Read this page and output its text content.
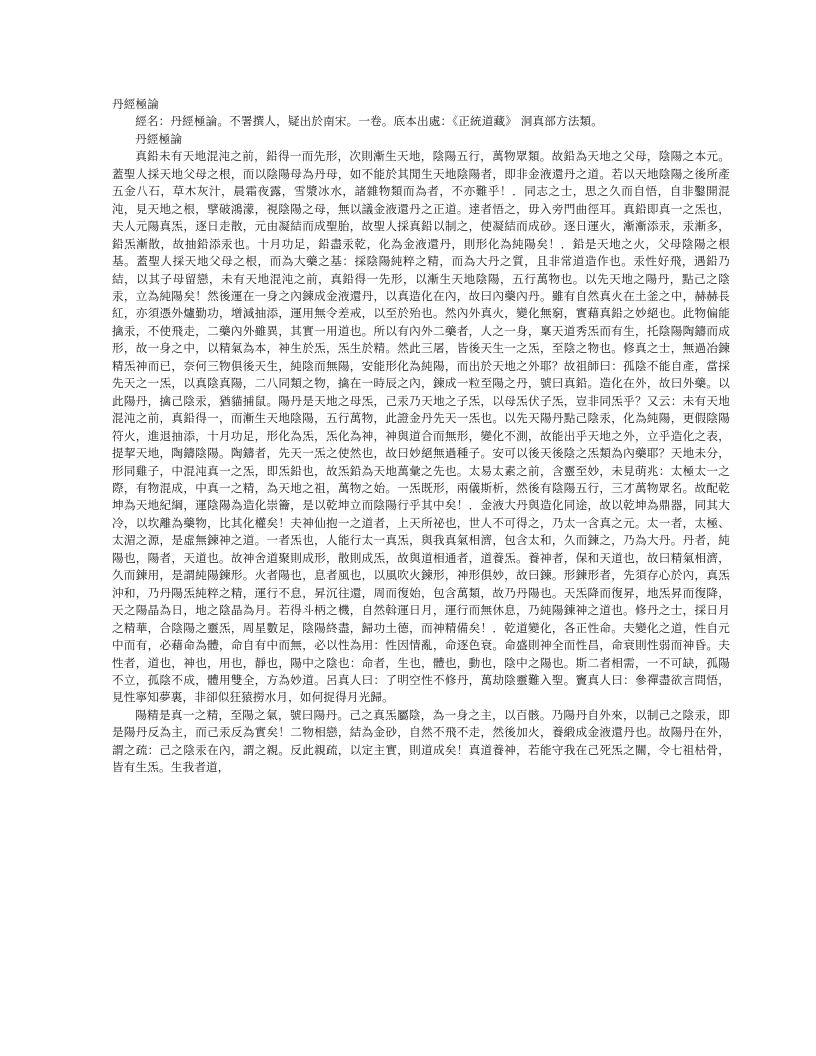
丹經極論

經名：丹經極論。不署撰人，疑出於南宋。一卷。底本出處：《正統道藏》 洞真部方法類。

丹經極論

真鉛未有天地混沌之前，鉛得一而先形，次則漸生天地，陰陽五行，萬物眾類。故鉛為天地之父母，陰陽之本元。蓋聖人採天地父母之根，而以陰陽母為丹母，如不能於其閒生天地陰陽者，即非金液還丹之道。若以天地陰陽之後所產五金八石，草木灰汁，晨霜夜露，雪漿冰水，諸雜物類而為者，不亦難乎！．同志之士，思之久而自悟，自非鑿開混沌，見天地之根，擘破鴻濛，視陰陽之母，無以議金液還丹之正道。達者悟之，毋入旁門曲徑耳。真鉛即真一之炁也，夫人元陽真炁，逐日走散，元由凝結而成聖胎，故聖人採真鉛以制之，使凝結而成砂。逐日運火，漸漸添汞，汞漸多，鉛炁漸散，故抽鉛添汞也。十月功足，鉛盡汞乾，化為金液還丹，則形化為純陽矣！．鉛是天地之火，父母陰陽之根基。蓋聖人採天地父母之根，而為大藥之基：採陰陽純粹之精，而為大丹之質，且非常道造作也。汞性好飛，遇鉛乃結，以其子母留戀，未有天地混沌之前，真鉛得一先形，以漸生天地陰陽，五行萬物也。以先天地之陽丹，點己之陰汞，立為純陽矣！然後運在一身之內鍊成金液還丹，以真造化在內，故曰內藥內丹。雖有自然真火在土釜之中，赫赫長紅，亦須憑外爐勤功，增減抽添，運用無令差戒，以至於殆也。然內外真火，變化無窮，實藉真鉛之妙絕也。此物偏能擒汞，不使飛走，二藥內外雖異，其實一用道也。所以有內外二藥者，人之一身，稟天道秀炁而有生，托陰陽陶鑄而成形，故一身之中，以精氣為本，神生於炁，炁生於精。然此三屠，皆後天生一之炁，至陰之物也。修真之士，無過冶鍊精炁神而已，奈何三物俱後天生，純陰而無陽，安能形化為純陽，而出於天地之外耶？故祖師曰：孤陰不能自產，當採先天之一炁，以真陰真陽，二八同類之物，擒在一時辰之內，鍊成一粒至陽之丹，號曰真鉛。造化在外，故曰外藥。以此陽丹，擒己陰汞，猶貓捕鼠。陽丹是天地之母炁，己汞乃天地之子炁，以母炁伏子炁，豈非同炁乎？又云：未有天地混沌之前，真鉛得一，而漸生天地陰陽，五行萬物，此證金丹先天一炁也。以先天陽丹點己陰汞，化為純陽，更假陰陽符火，進退抽添，十月功足，形化為炁，炁化為神，神與道合而無形，變化不測，故能出乎天地之外，立乎造化之表，提挈天地，陶鑄陰陽。陶鑄者，先天一炁之使然也，故曰妙絕無過種子。安可以後天後陰之炁類為內藥耶？天地未分，形同雞子，中混沌真一之炁，即炁鉛也，故炁鉛為天地萬彙之先也。太易太素之前，含靈至妙，未見萌兆：太極太一之際，有物混成，中真一之精，為天地之祖，萬物之始。一炁既形，兩儀斯析，然後有陰陽五行，三才萬物眾名。故配乾坤為天地紀綱，運陰陽為造化崇籥，是以乾坤立而陰陽行乎其中矣！．金液大丹與造化同途，故以乾坤為鼎器，同其大冷，以坎離為藥物，比其化權矣！夫神仙抱一之道者，上天所祕也，世人不可得之，乃太一含真之元。太一者，太極、太湄之源，是虛無鍊神之道。一者炁也，人能行太一真炁，與我真氣相濟，包含太和，久而鍊之，乃為大丹。丹者，純陽也，陽者，天道也。故神舍道聚則成形，散則成炁，故與道相通者，道養炁。養神者，保和天道也，故曰精氣相濟，久而鍊用，是謂純陽鍊形。火者陽也，息者風也，以風吹火鍊形，神形俱妙，故曰鍊。形鍊形者，先須存心於內，真炁沖和，乃丹陽炁純粹之精，運行不息，昇沉往還，周而復始，包含萬類，故乃丹陽也。天炁降而復昇，地炁昇而復降，天之陽晶為日，地之陰晶為月。若得斗柄之機，自然斡運日月，運行而無休息，乃純陽鍊神之道也。修丹之士，採日月之精華，合陰陽之靈炁，周星數足，陰陽終盡，歸功土德，而神精備矣！．乾道變化，各正性命。夫變化之道，性自元中而有，必藉命為體，命自有中而無，必以性為用：性因情亂，命逐色衰。命盛則神全而性昌，命衰則性弱而神昏。夫性者，道也，神也，用也，靜也，陽中之陰也：命者，生也，體也，動也，陰中之陽也。斯二者相需，一不可缺，孤陽不立，孤陰不成，體用雙全，方為妙道。呂真人曰：了明空性不修丹，萬劫陰靈難入聖。竇真人曰：參禪盡欲言問悟，見性寧知夢裏，非卻似狂猿撈水月，如何捉得月光歸。

陽精是真一之精，至陽之氣，號曰陽丹。己之真炁屬陰，為一身之主，以百骸。乃陽丹自外來，以制己之陰汞，即是陽丹反為主，而己汞反為實矣！二物相戀，結為金砂，自然不飛不走，然後加火，養緞成金液還丹也。故陽丹在外，謂之疏：己之陰汞在內，謂之親。反此親疏，以定主實，則道成矣！真道養神，若能守我在己死炁之關，令七祖枯骨，皆有生炁。生我者道，
